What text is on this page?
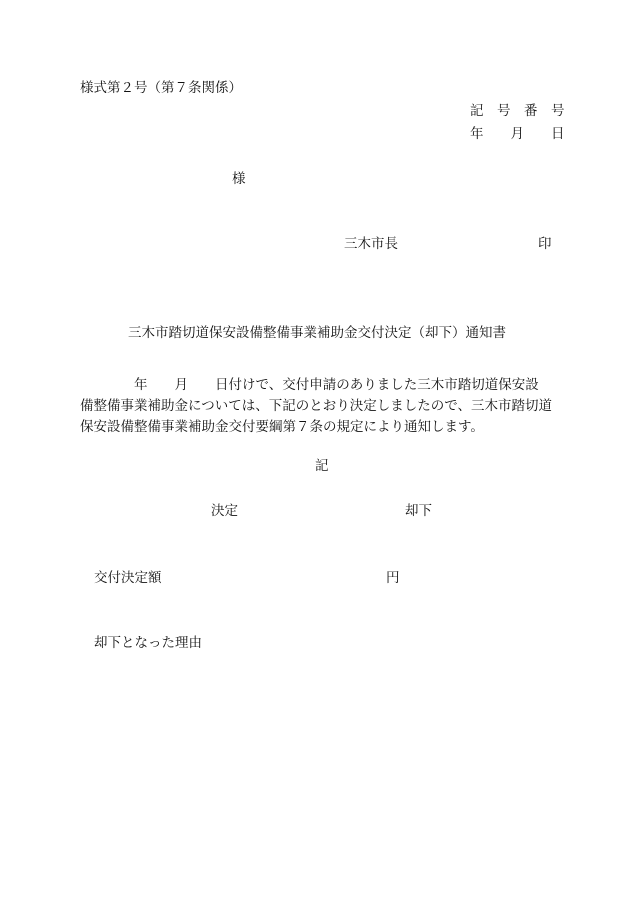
様式第２号（第７条関係）
記　号　番　号
年　　月　　日
様
三木市長	印
三木市踏切道保安設備整備事業補助金交付決定（却下）通知書
　　　　年　　月　　日付けで、交付申請のありました三木市踏切道保安設
備整備事業補助金については、下記のとおり決定しましたので、三木市踏切道
保安設備整備事業補助金交付要綱第７条の規定により通知します。
記
決定	却下
交付決定額	円
却下となった理由
